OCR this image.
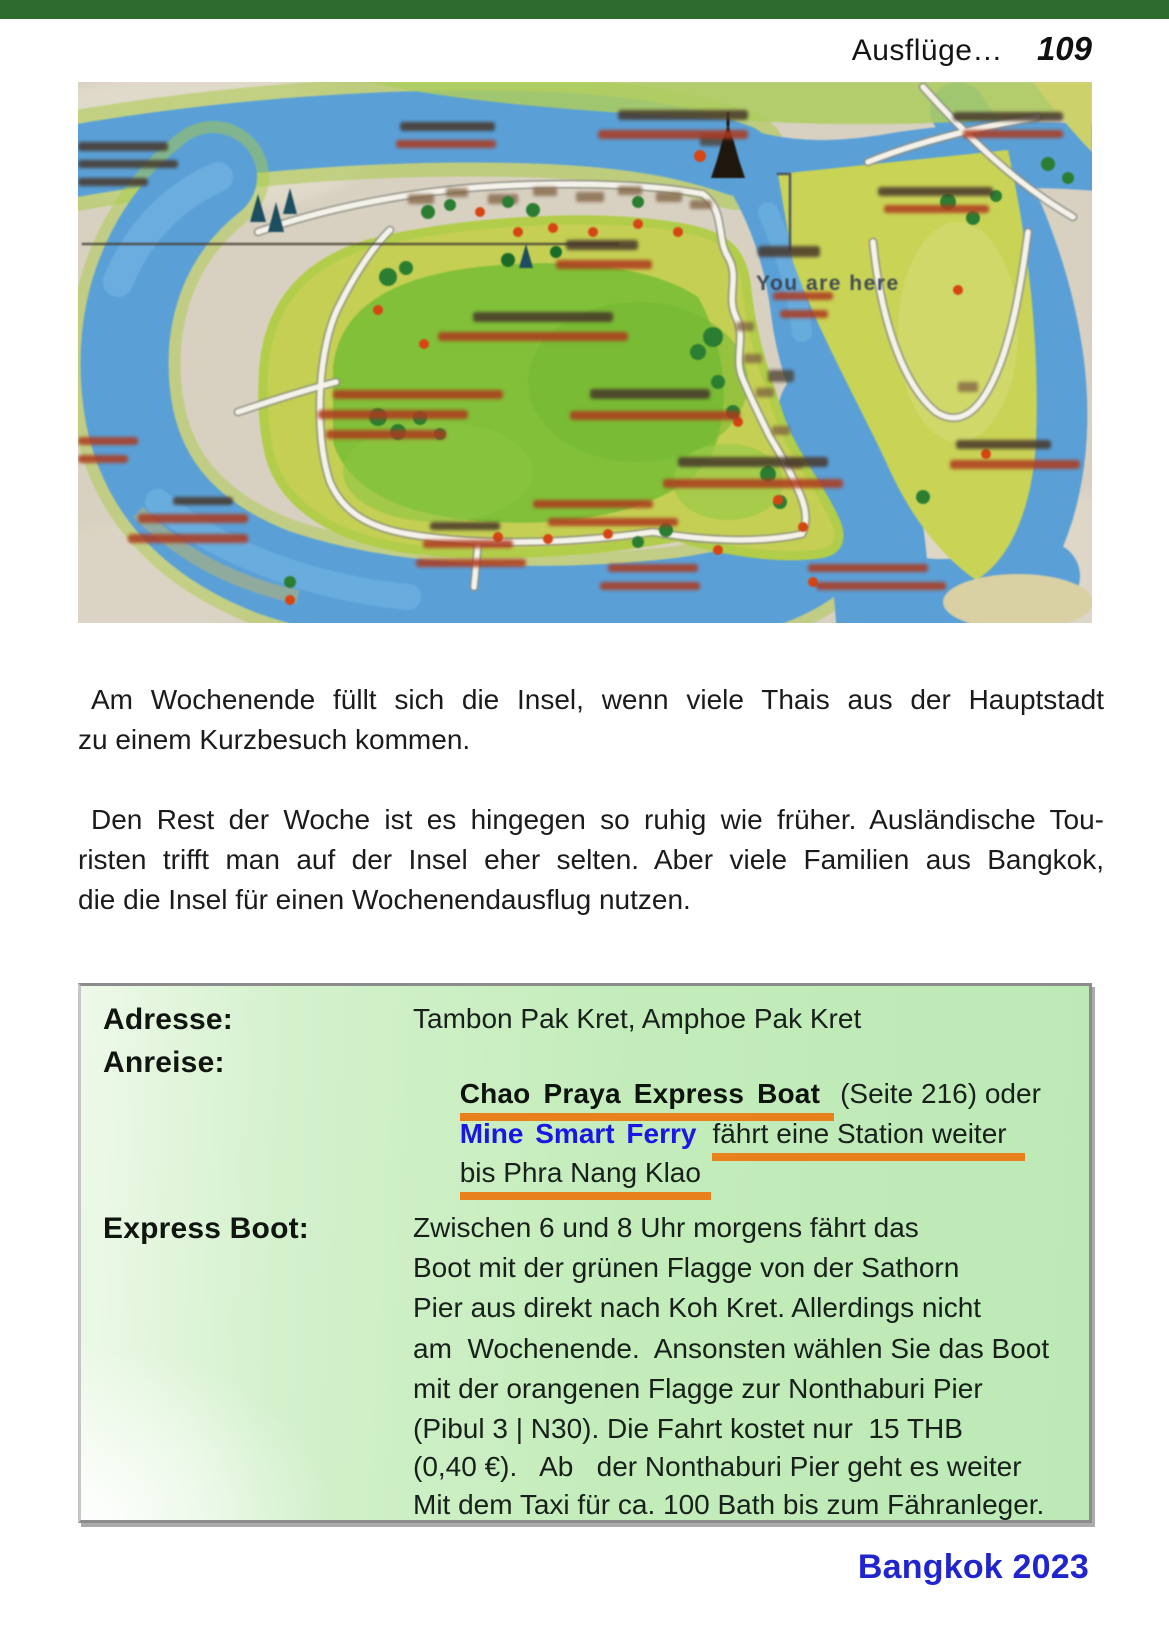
Ausflüge… 109
You are here
Am Wochenende füllt sich die Insel, wenn viele Thais aus der Hauptstadt
zu einem Kurzbesuch kommen.
Den Rest der Woche ist es hingegen so ruhig wie früher. Ausländische Tou-
risten trifft man auf der Insel eher selten. Aber viele Familien aus Bangkok,
die die Insel für einen Wochenendausflug nutzen.
Adresse:	Tambon Pak Kret, Amphoe Pak Kret
Anreise:

Chao Praya Express Boat (Seite 216) oder

Mine Smart Ferry fährt eine Station weiter

bis Phra Nang Klao

Express Boot:	Zwischen 6 und 8 Uhr morgens fährt das
Boot mit der grünen Flagge von der Sathorn
Pier aus direkt nach Koh Kret. Allerdings nicht
am  Wochenende.  Ansonsten wählen Sie das Boot
mit der orangenen Flagge zur Nonthaburi Pier
(Pibul 3 | N30). Die Fahrt kostet nur  15 THB
(0,40 €).   Ab   der Nonthaburi Pier geht es weiter
Mit dem Taxi für ca. 100 Bath bis zum Fähranleger.
Bangkok 2023
